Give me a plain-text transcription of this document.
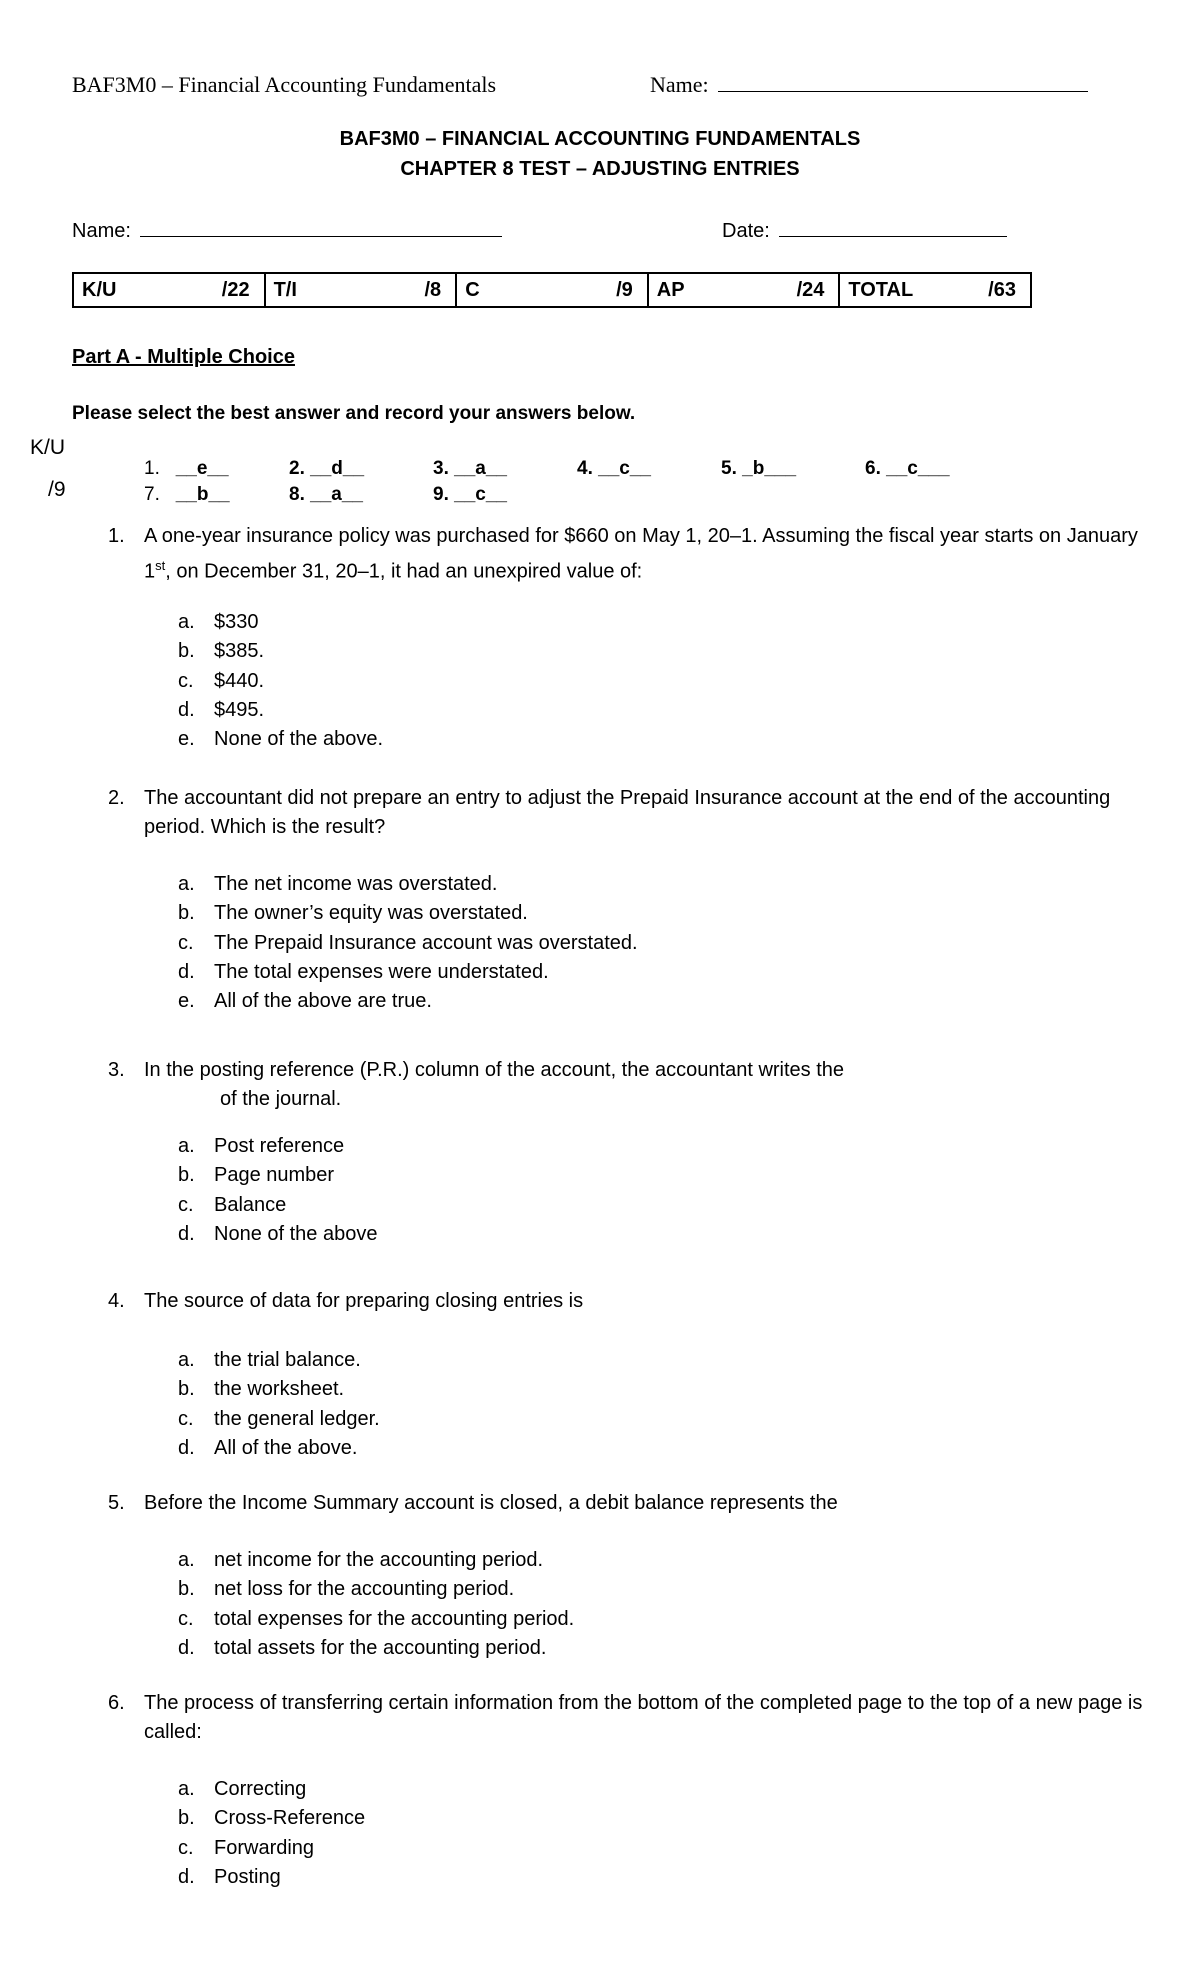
BAF3M0 – Financial Accounting Fundamentals	Name:
BAF3M0 – FINANCIAL ACCOUNTING FUNDAMENTALS
CHAPTER 8 TEST – ADJUSTING ENTRIES
Name:	Date:
K/U	/22 T/I	/8 C	/9 AP	/24 TOTAL	/63
Part A - Multiple Choice
Please select the best answer and record your answers below.
K/U
/9
1. __e__	2. __d__	3. __a__	4. __c__	5. _b___	6. __c___
7. __b__	8. __a__	9. __c__
1. A one-year insurance policy was purchased for $660 on May 1, 20–1. Assuming the fiscal year starts on January 1st, on December 31, 20–1, it had an unexpired value of:
a. $330
b. $385.
c. $440.
d. $495.
e. None of the above.
2. The accountant did not prepare an entry to adjust the Prepaid Insurance account at the end of the accounting period. Which is the result?
a. The net income was overstated.
b. The owner’s equity was overstated.
c. The Prepaid Insurance account was overstated.
d. The total expenses were understated.
e. All of the above are true.
3. In the posting reference (P.R.) column of the account, the accountant writes the
of the journal.
a. Post reference
b. Page number
c. Balance
d. None of the above
4. The source of data for preparing closing entries is
a. the trial balance.
b. the worksheet.
c. the general ledger.
d. All of the above.
5. Before the Income Summary account is closed, a debit balance represents the
a. net income for the accounting period.
b. net loss for the accounting period.
c. total expenses for the accounting period.
d. total assets for the accounting period.
6. The process of transferring certain information from the bottom of the completed page to the top of a new page is called:
a. Correcting
b. Cross-Reference
c. Forwarding
d. Posting
